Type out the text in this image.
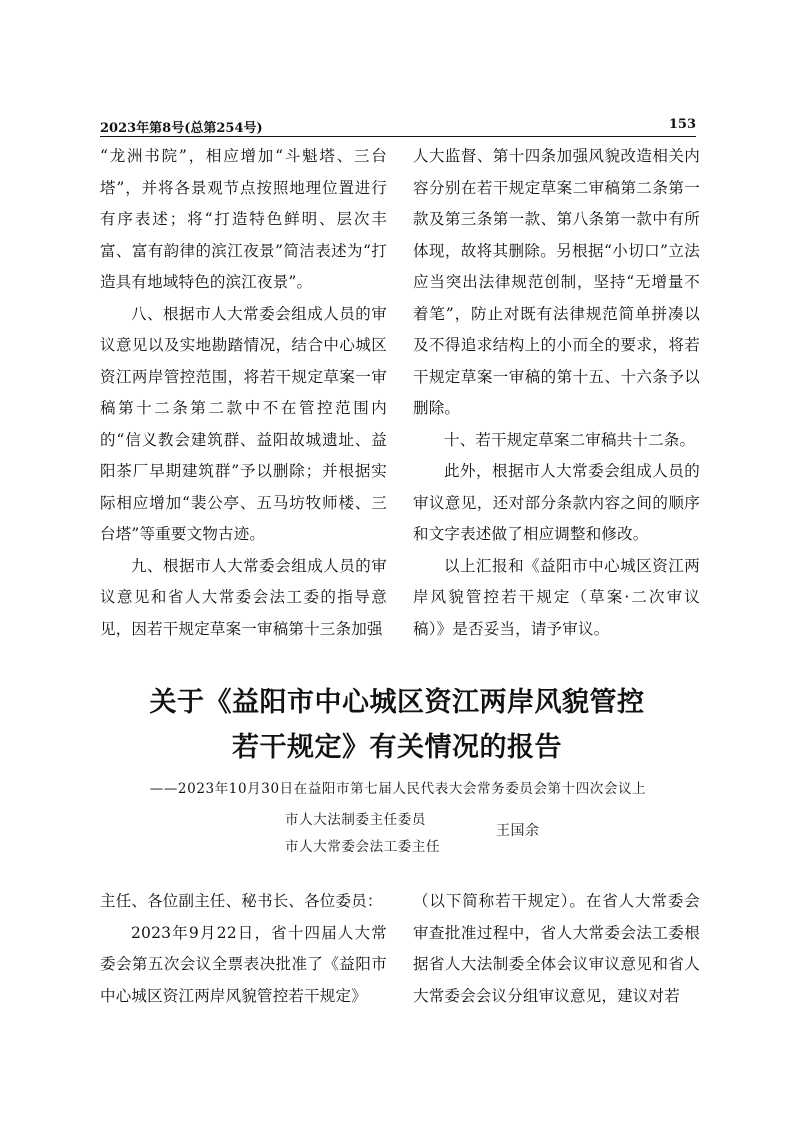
2023年第8号(总第254号)	153

“龙洲书院”，相应增加“斗魁塔、三台塔”，并将各景观节点按照地理位置进行有序表述；将“打造特色鲜明、层次丰富、富有韵律的滨江夜景”简洁表述为“打造具有地域特色的滨江夜景”。

八、根据市人大常委会组成人员的审议意见以及实地勘踏情况，结合中心城区资江两岸管控范围，将若干规定草案一审稿第十二条第二款中不在管控范围内的“信义教会建筑群、益阳故城遗址、益阳茶厂早期建筑群”予以删除；并根据实际相应增加“裴公亭、五马坊牧师楼、三台塔”等重要文物古迹。

九、根据市人大常委会组成人员的审议意见和省人大常委会法工委的指导意见，因若干规定草案一审稿第十三条加强

人大监督、第十四条加强风貌改造相关内容分别在若干规定草案二审稿第二条第一款及第三条第一款、第八条第一款中有所体现，故将其删除。另根据“小切口”立法应当突出法律规范创制，坚持“无增量不着笔”，防止对既有法律规范简单拼凑以及不得追求结构上的小而全的要求，将若干规定草案一审稿的第十五、十六条予以删除。

十、若干规定草案二审稿共十二条。

此外，根据市人大常委会组成人员的审议意见，还对部分条款内容之间的顺序和文字表述做了相应调整和修改。

以上汇报和《益阳市中心城区资江两岸风貌管控若干规定（草案·二次审议稿）》是否妥当，请予审议。

关于《益阳市中心城区资江两岸风貌管控
若干规定》有关情况的报告
——2023年10月30日在益阳市第七届人民代表大会常务委员会第十四次会议上
市人大法制委主任委员
市人大常委会法工委主任
王国余

主任、各位副主任、秘书长、各位委员：

2023年9月22日，省十四届人大常委会第五次会议全票表决批准了《益阳市中心城区资江两岸风貌管控若干规定》

（以下简称若干规定）。在省人大常委会审查批准过程中，省人大常委会法工委根据省人大法制委全体会议审议意见和省人大常委会会议分组审议意见，建议对若
